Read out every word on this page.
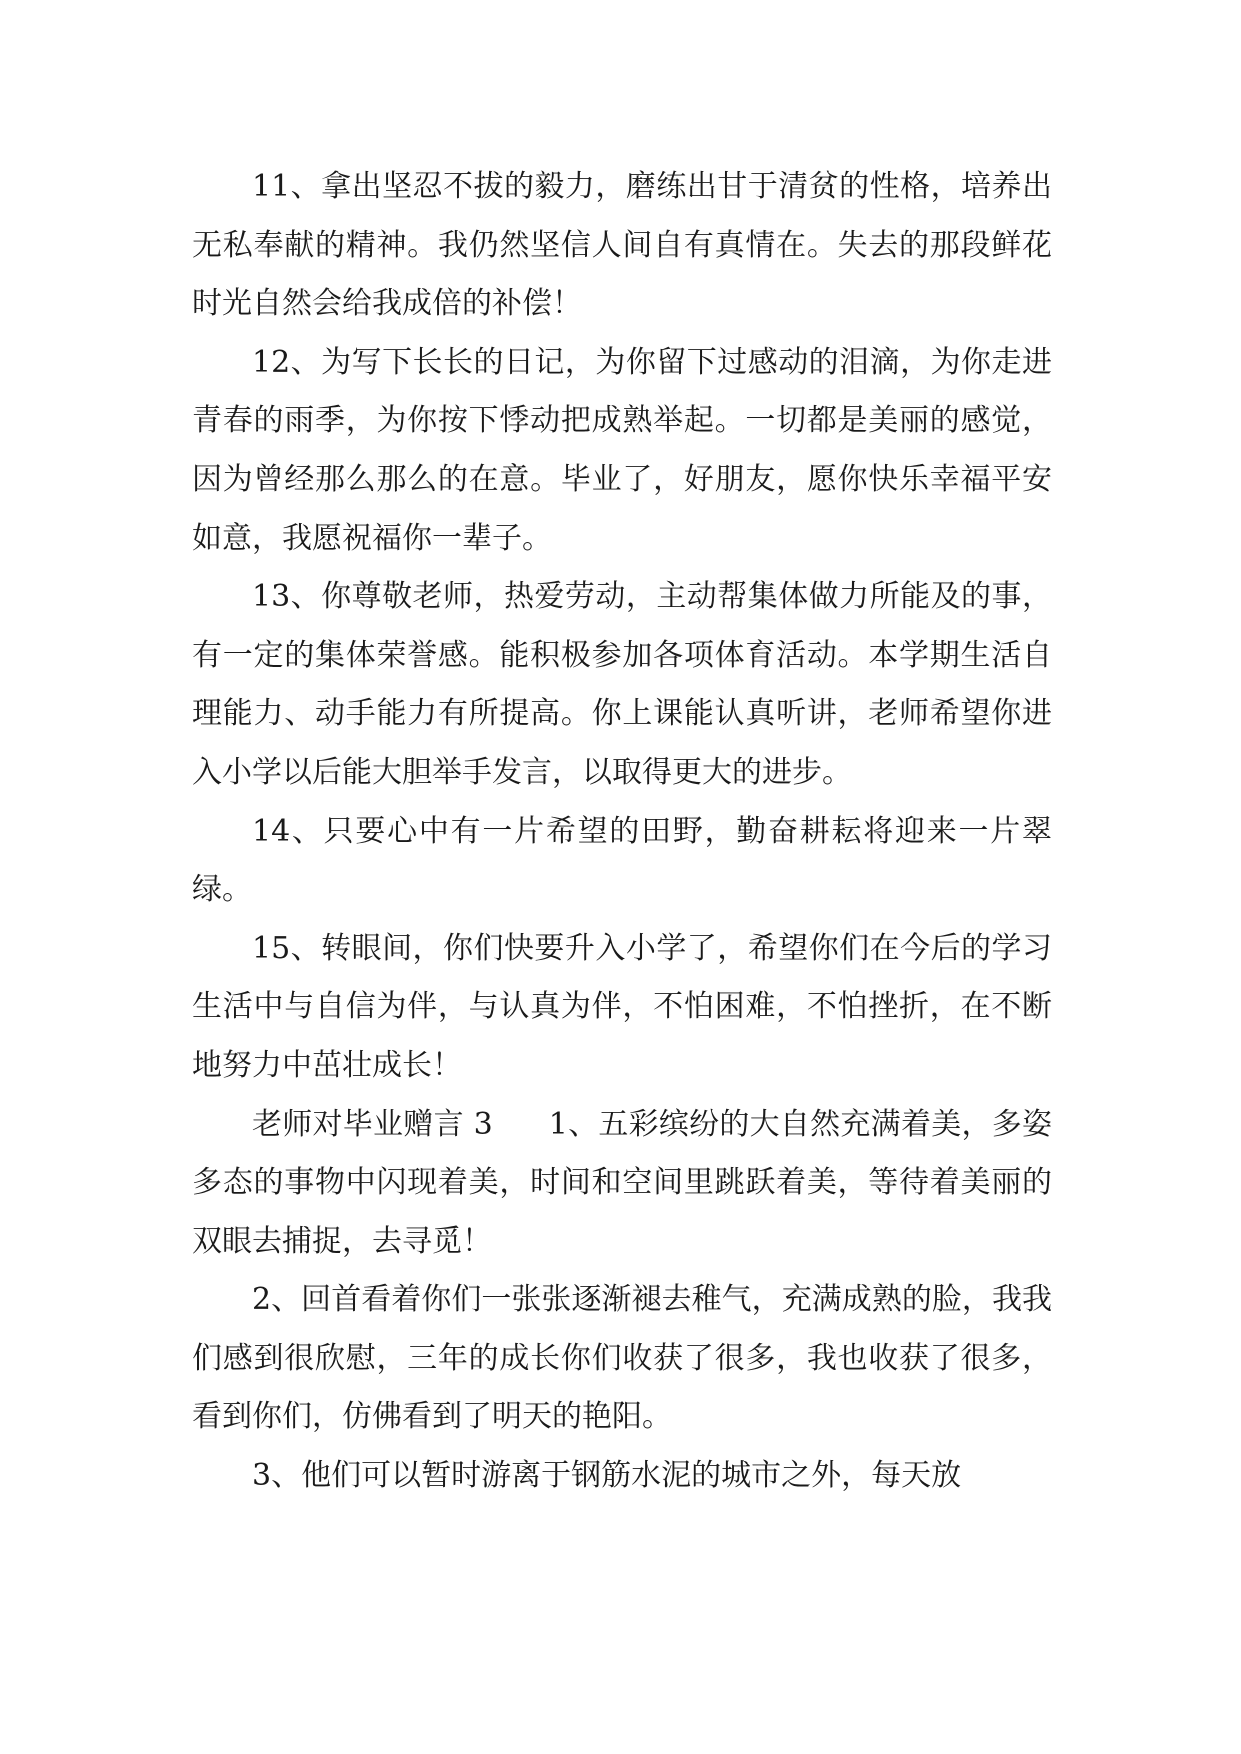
11、拿出坚忍不拔的毅力，磨练出甘于清贫的性格，培养出无私奉献的精神。我仍然坚信人间自有真情在。失去的那段鲜花时光自然会给我成倍的补偿！

12、为写下长长的日记，为你留下过感动的泪滴，为你走进青春的雨季，为你按下悸动把成熟举起。一切都是美丽的感觉，因为曾经那么那么的在意。毕业了，好朋友，愿你快乐幸福平安如意，我愿祝福你一辈子。

13、你尊敬老师，热爱劳动，主动帮集体做力所能及的事，有一定的集体荣誉感。能积极参加各项体育活动。本学期生活自理能力、动手能力有所提高。你上课能认真听讲，老师希望你进入小学以后能大胆举手发言，以取得更大的进步。

14、只要心中有一片希望的田野，勤奋耕耘将迎来一片翠绿。

15、转眼间，你们快要升入小学了，希望你们在今后的学习生活中与自信为伴，与认真为伴，不怕困难，不怕挫折，在不断地努力中茁壮成长！

老师对毕业赠言 3 1、五彩缤纷的大自然充满着美，多姿多态的事物中闪现着美，时间和空间里跳跃着美，等待着美丽的双眼去捕捉，去寻觅！

2、回首看着你们一张张逐渐褪去稚气，充满成熟的脸，我我们感到很欣慰，三年的成长你们收获了很多，我也收获了很多，看到你们，仿佛看到了明天的艳阳。

3、他们可以暂时游离于钢筋水泥的城市之外，每天放
